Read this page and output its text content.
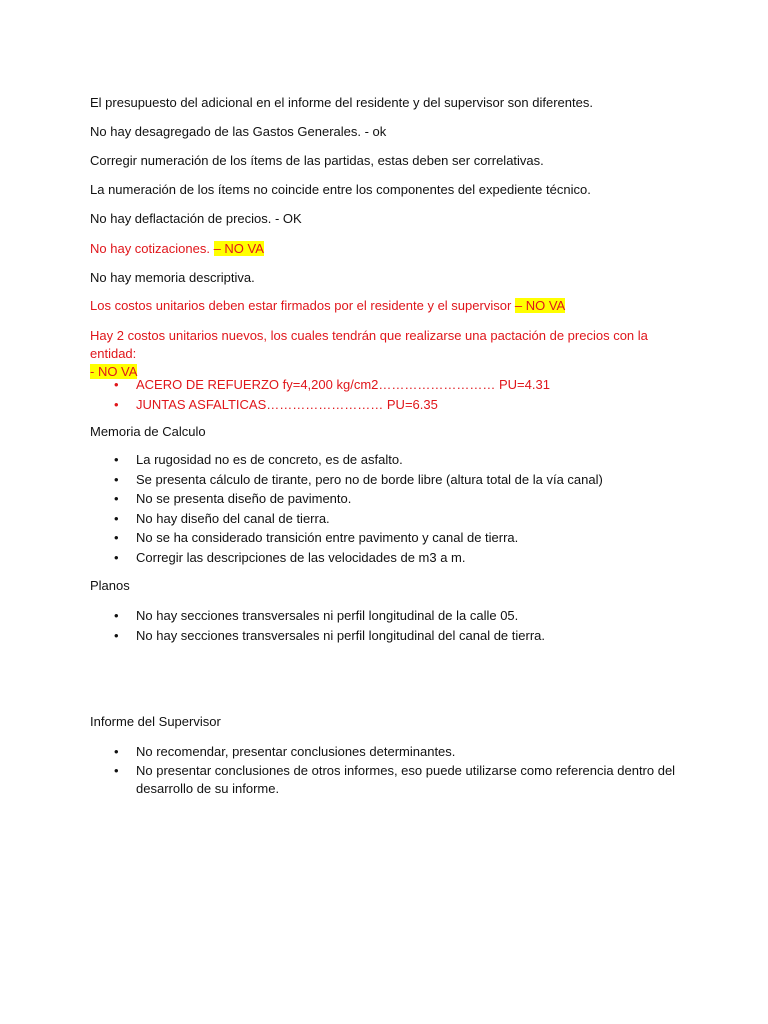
El presupuesto del adicional en el informe del residente y del supervisor son diferentes.
No hay desagregado de las Gastos Generales. - ok
Corregir numeración de los ítems de las partidas, estas deben ser correlativas.
La numeración de los ítems no coincide entre los componentes del expediente técnico.
No hay deflactación de precios. - OK
No hay cotizaciones. – NO VA
No hay memoria descriptiva.
Los costos unitarios deben estar firmados por el residente y el supervisor – NO VA
Hay 2 costos unitarios nuevos, los cuales tendrán que realizarse una pactación de precios con la entidad:
- NO VA
• ACERO DE REFUERZO fy=4,200 kg/cm2……………………… PU=4.31
• JUNTAS ASFALTICAS……………………… PU=6.35
Memoria de Calculo
• La rugosidad no es de concreto, es de asfalto.
• Se presenta cálculo de tirante, pero no de borde libre (altura total de la vía canal)
• No se presenta diseño de pavimento.
• No hay diseño del canal de tierra.
• No se ha considerado transición entre pavimento y canal de tierra.
• Corregir las descripciones de las velocidades de m3 a m.
Planos
• No hay secciones transversales ni perfil longitudinal de la calle 05.
• No hay secciones transversales ni perfil longitudinal del canal de tierra.
Informe del Supervisor
• No recomendar, presentar conclusiones determinantes.
• No presentar conclusiones de otros informes, eso puede utilizarse como referencia dentro del desarrollo de su informe.
